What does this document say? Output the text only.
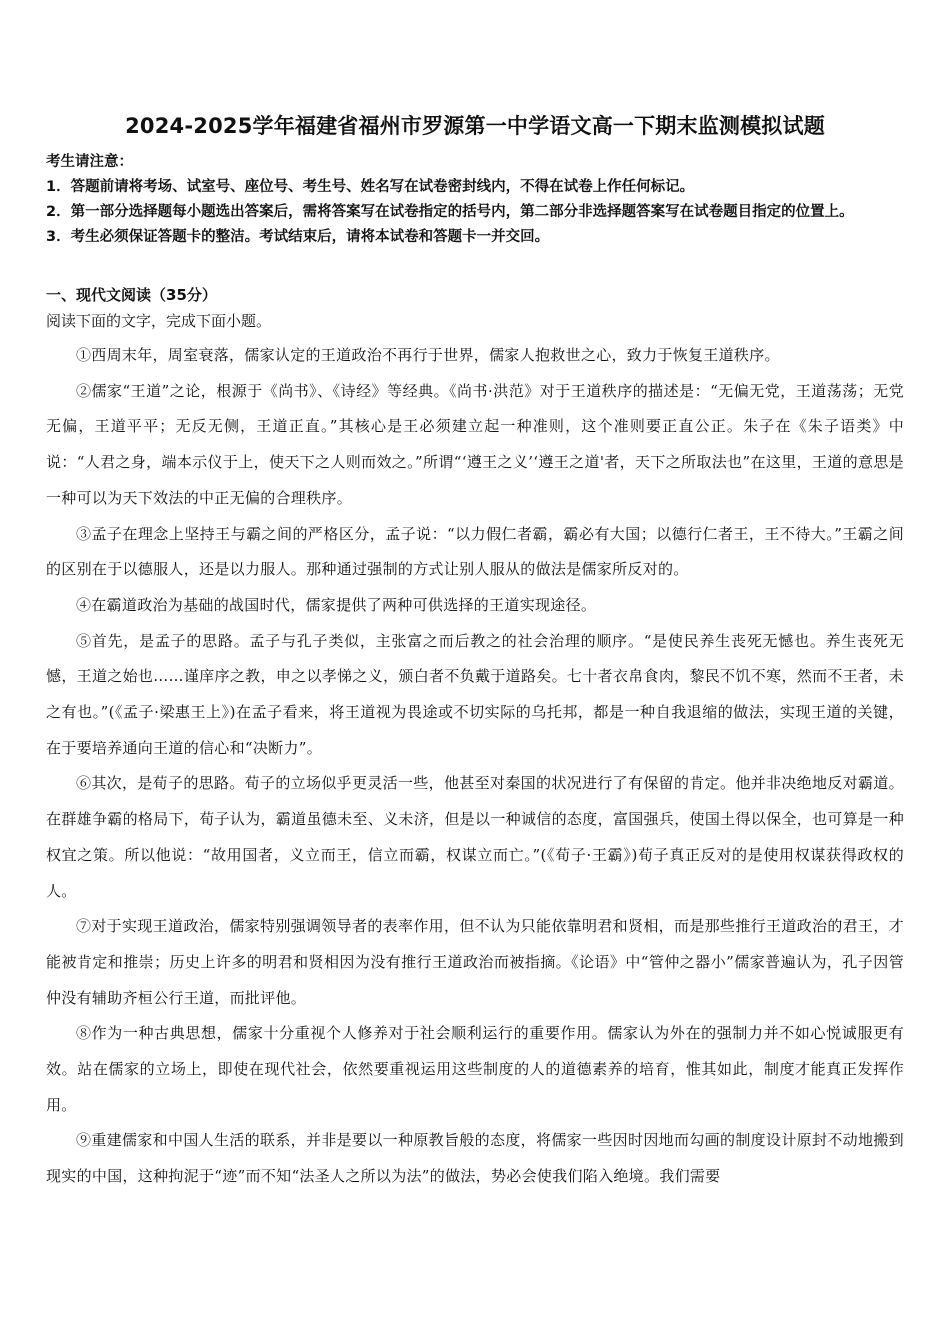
2024-2025学年福建省福州市罗源第一中学语文高一下期末监测模拟试题

考生请注意：

1．答题前请将考场、试室号、座位号、考生号、姓名写在试卷密封线内，不得在试卷上作任何标记。

2．第一部分选择题每小题选出答案后，需将答案写在试卷指定的括号内，第二部分非选择题答案写在试卷题目指定的位置上。

3．考生必须保证答题卡的整洁。考试结束后，请将本试卷和答题卡一并交回。

一、现代文阅读（35分）

阅读下面的文字，完成下面小题。

①西周末年，周室衰落，儒家认定的王道政治不再行于世界，儒家人抱救世之心，致力于恢复王道秩序。

②儒家“王道”之论，根源于《尚书》、《诗经》等经典。《尚书·洪范》对于王道秩序的描述是：“无偏无党，王道荡荡；无党无偏，王道平平；无反无侧，王道正直。”其核心是王必须建立起一种准则，这个准则要正直公正。朱子在《朱子语类》中说：“人君之身，端本示仪于上，使天下之人则而效之。”所谓“‘遵王之义’‘遵王之道'者，天下之所取法也”在这里，王道的意思是一种可以为天下效法的中正无偏的合理秩序。

③孟子在理念上坚持王与霸之间的严格区分，孟子说：“以力假仁者霸，霸必有大国；以德行仁者王，王不待大。”王霸之间的区别在于以德服人，还是以力服人。那种通过强制的方式让别人服从的做法是儒家所反对的。

④在霸道政治为基础的战国时代，儒家提供了两种可供选择的王道实现途径。

⑤首先，是孟子的思路。孟子与孔子类似，主张富之而后教之的社会治理的顺序。“是使民养生丧死无憾也。养生丧死无憾，王道之始也……谨庠序之教，申之以孝悌之义，颁白者不负戴于道路矣。七十者衣帛食肉，黎民不饥不寒，然而不王者，未之有也。”(《孟子·梁惠王上》)在孟子看来，将王道视为畏途或不切实际的乌托邦，都是一种自我退缩的做法，实现王道的关键，在于要培养通向王道的信心和“决断力”。

⑥其次，是荀子的思路。荀子的立场似乎更灵活一些，他甚至对秦国的状况进行了有保留的肯定。他并非决绝地反对霸道。在群雄争霸的格局下，荀子认为，霸道虽德未至、义未济，但是以一种诚信的态度，富国强兵，使国土得以保全，也可算是一种权宜之策。所以他说：“故用国者，义立而王，信立而霸，权谋立而亡。”(《荀子·王霸》)荀子真正反对的是使用权谋获得政权的人。

⑦对于实现王道政治，儒家特别强调领导者的表率作用，但不认为只能依靠明君和贤相，而是那些推行王道政治的君王，才能被肯定和推崇；历史上许多的明君和贤相因为没有推行王道政治而被指摘。《论语》中“管仲之器小”儒家普遍认为，孔子因管仲没有辅助齐桓公行王道，而批评他。

⑧作为一种古典思想，儒家十分重视个人修养对于社会顺利运行的重要作用。儒家认为外在的强制力并不如心悦诚服更有效。站在儒家的立场上，即使在现代社会，依然要重视运用这些制度的人的道德素养的培育，惟其如此，制度才能真正发挥作用。

⑨重建儒家和中国人生活的联系，并非是要以一种原教旨般的态度，将儒家一些因时因地而勾画的制度设计原封不动地搬到现实的中国，这种拘泥于“迹”而不知“法圣人之所以为法”的做法，势必会使我们陷入绝境。我们需要
